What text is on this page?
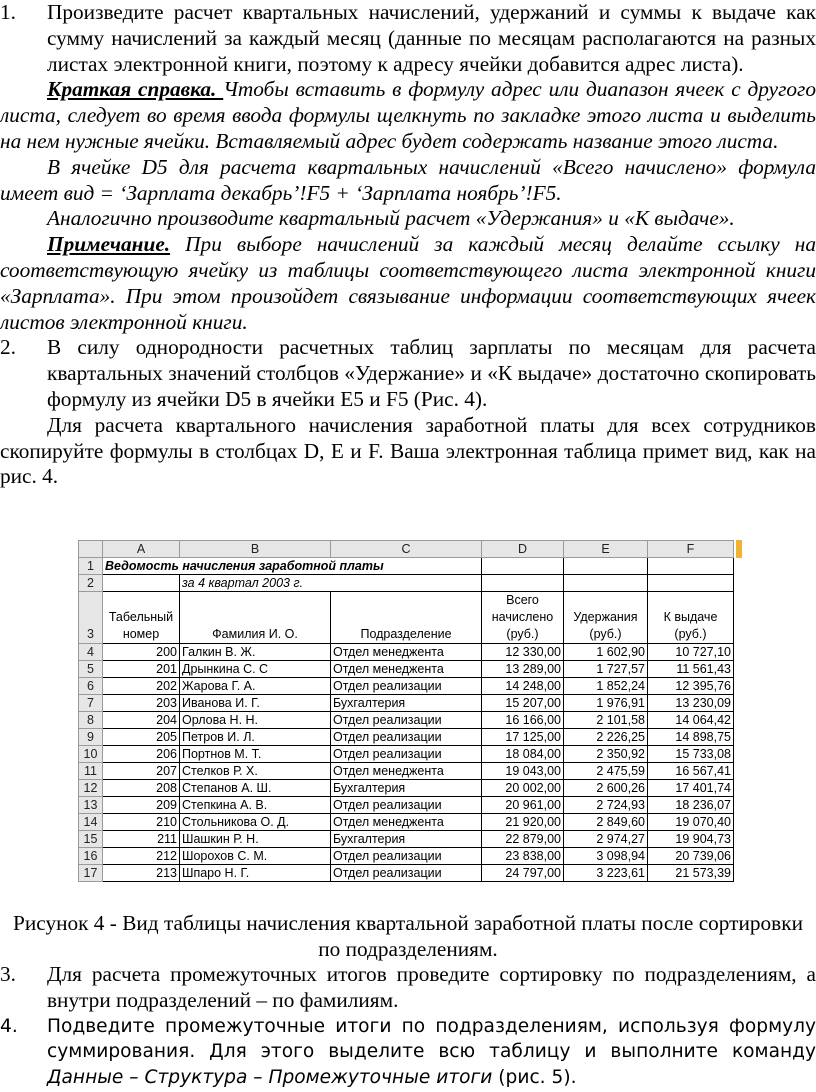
1. Произведите расчет квартальных начислений, удержаний и суммы к выдаче как сумму начислений за каждый месяц (данные по месяцам располагаются на разных листах электронной книги, поэтому к адресу ячейки добавится адрес листа).

Краткая справка. Чтобы вставить в формулу адрес или диапазон ячеек с другого листа, следует во время ввода формулы щелкнуть по закладке этого листа и выделить на нем нужные ячейки. Вставляемый адрес будет содержать название этого листа.

В ячейке D5 для расчета квартальных начислений «Всего начислено» формула имеет вид = ‘Зарплата декабрь’!F5 + ‘Зарплата ноябрь’!F5.

Аналогично производите квартальный расчет «Удержания» и «К выдаче».

Примечание. При выборе начислений за каждый месяц делайте ссылку на соответствующую ячейку из таблицы соответствующего листа электронной книги «Зарплата». При этом произойдет связывание информации соответствующих ячеек листов электронной книги.

2. В силу однородности расчетных таблиц зарплаты по месяцам для расчета квартальных значений столбцов «Удержание» и «К выдаче» достаточно скопировать формулу из ячейки D5 в ячейки E5 и F5 (Рис. 4).

Для расчета квартального начисления заработной платы для всех сотрудников скопируйте формулы в столбцах D, E и F. Ваша электронная таблица примет вид, как на рис. 4.

	A	B	C	D	E	F
1	Ведомость начисления заработной платы					
2		за 4 квартал 2003 г.				
3	Табельный номер	Фамилия И. О.	Подразделение	Всего начислено (руб.)	Удержания (руб.)	К выдаче (руб.)
4	200	Галкин В. Ж.	Отдел менеджента	12 330,00	1 602,90	10 727,10
5	201	Дрынкина С. С	Отдел менеджента	13 289,00	1 727,57	11 561,43
6	202	Жарова Г. А.	Отдел реализации	14 248,00	1 852,24	12 395,76
7	203	Иванова И. Г.	Бухгалтерия	15 207,00	1 976,91	13 230,09
8	204	Орлова Н. Н.	Отдел реализации	16 166,00	2 101,58	14 064,42
9	205	Петров И. Л.	Отдел реализации	17 125,00	2 226,25	14 898,75
10	206	Портнов М. Т.	Отдел реализации	18 084,00	2 350,92	15 733,08
11	207	Стелков Р. Х.	Отдел менеджента	19 043,00	2 475,59	16 567,41
12	208	Степанов А. Ш.	Бухгалтерия	20 002,00	2 600,26	17 401,74
13	209	Степкина А. В.	Отдел реализации	20 961,00	2 724,93	18 236,07
14	210	Стольникова О. Д.	Отдел менеджента	21 920,00	2 849,60	19 070,40
15	211	Шашкин Р. Н.	Бухгалтерия	22 879,00	2 974,27	19 904,73
16	212	Шорохов С. М.	Отдел реализации	23 838,00	3 098,94	20 739,06
17	213	Шпаро Н. Г.	Отдел реализации	24 797,00	3 223,61	21 573,39

Рисунок 4 - Вид таблицы начисления квартальной заработной платы после сортировки по подразделениям.

3. Для расчета промежуточных итогов проведите сортировку по подразделениям, а внутри подразделений – по фамилиям.

4. Подведите промежуточные итоги по подразделениям, используя формулу суммирования. Для этого выделите всю таблицу и выполните команду Данные – Структура – Промежуточные итоги (рис. 5).
